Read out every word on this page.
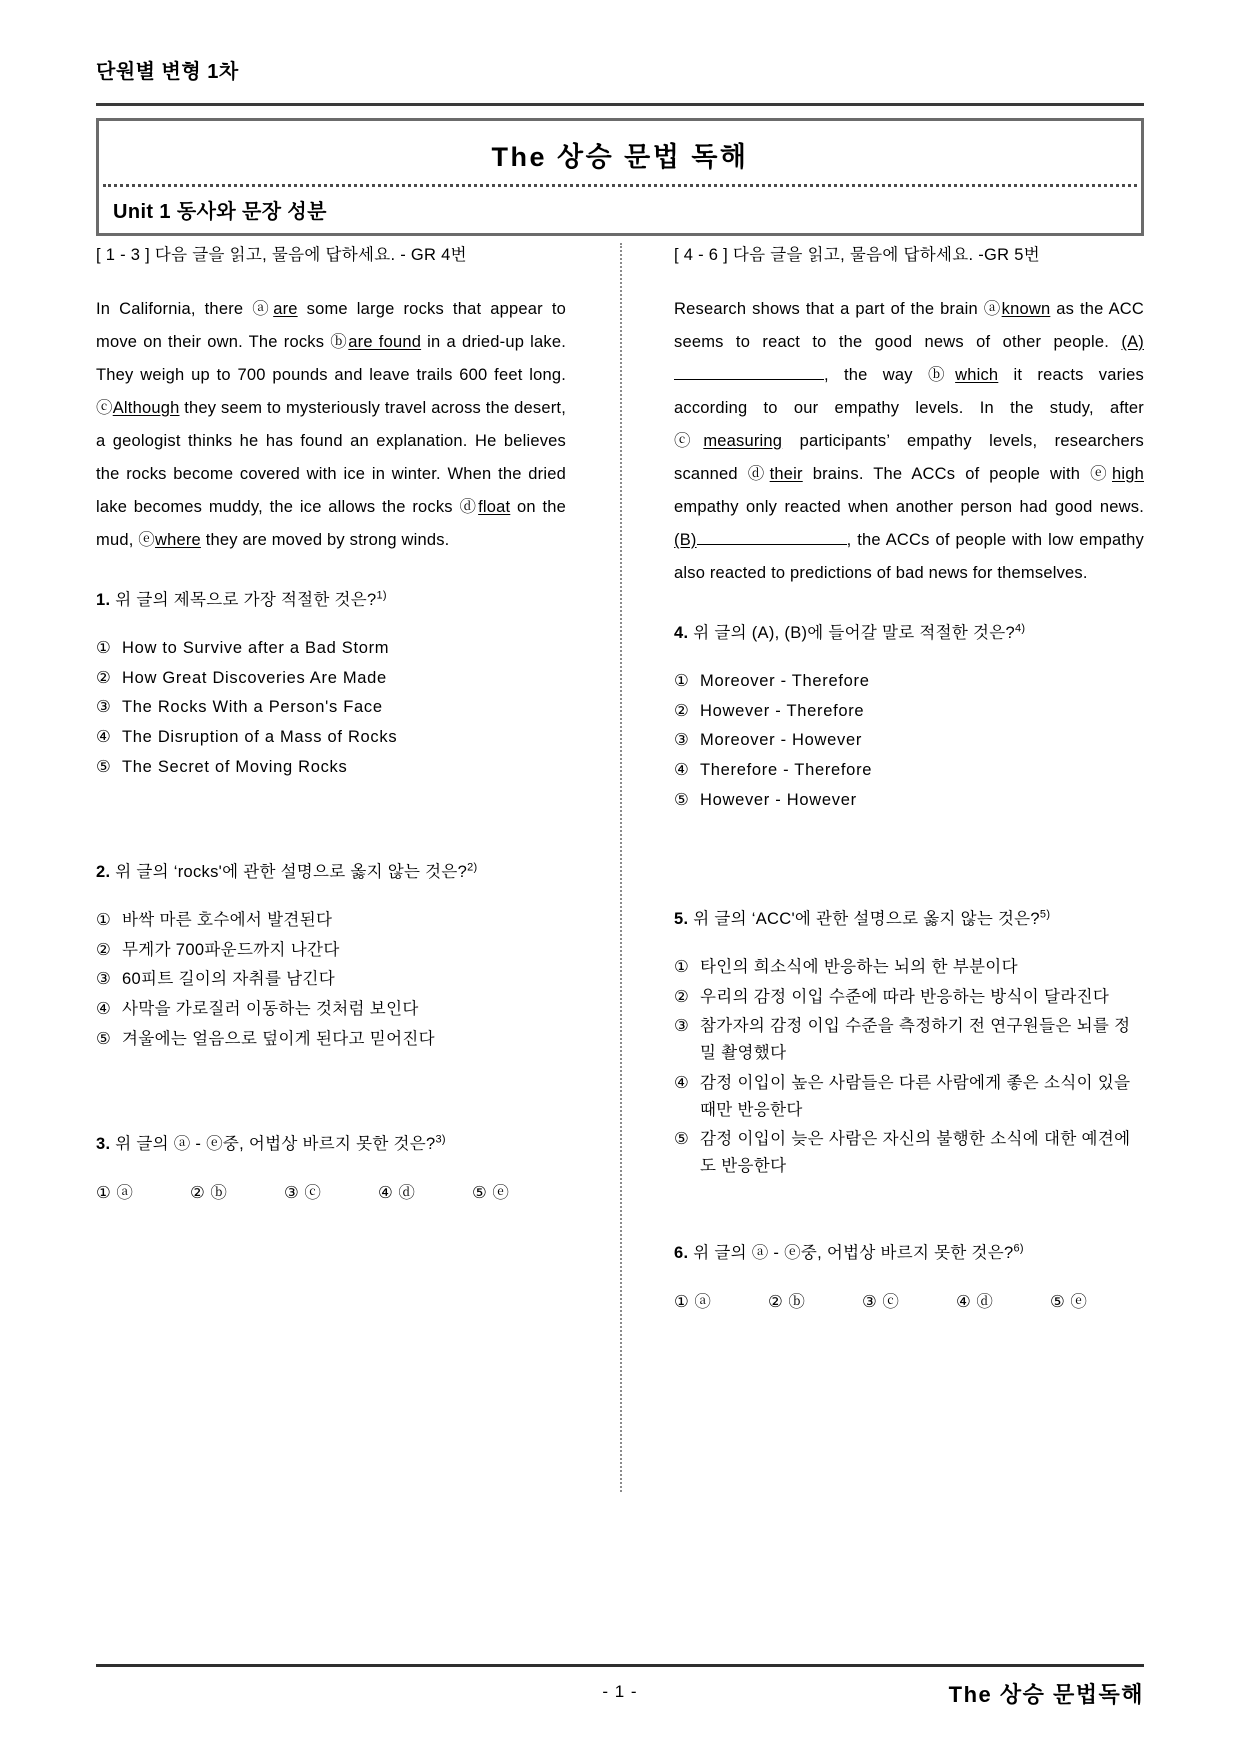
단원별 변형 1차
The 상승 문법 독해
Unit 1 동사와 문장 성분

[ 1 - 3 ] 다음 글을 읽고, 물음에 답하세요. - GR 4번

In California, there ⓐare some large rocks that appear to move on their own. The rocks ⓑare found in a dried-up lake. They weigh up to 700 pounds and leave trails 600 feet long. ⓒAlthough they seem to mysteriously travel across the desert, a geologist thinks he has found an explanation. He believes the rocks become covered with ice in winter. When the dried lake becomes muddy, the ice allows the rocks ⓓfloat on the mud, ⓔwhere they are moved by strong winds.

1. 위 글의 제목으로 가장 적절한 것은?$^{1)}$

① How to Survive after a Bad Storm
② How Great Discoveries Are Made
③ The Rocks With a Person's Face
④ The Disruption of a Mass of Rocks
⑤ The Secret of Moving Rocks

2. 위 글의 ‘rocks'에 관한 설명으로 옳지 않는 것은?$^{2)}$

① 바싹 마른 호수에서 발견된다
② 무게가 700파운드까지 나간다
③ 60피트 길이의 자취를 남긴다
④ 사막을 가로질러 이동하는 것처럼 보인다
⑤ 겨울에는 얼음으로 덮이게 된다고 믿어진다

3. 위 글의 ⓐ - ⓔ중, 어법상 바르지 못한 것은?$^{3)}$

① ⓐ	② ⓑ	③ ⓒ	④ ⓓ	⑤ ⓔ

[ 4 - 6 ] 다음 글을 읽고, 물음에 답하세요. -GR 5번

Research shows that a part of the brain ⓐknown as the ACC seems to react to the good news of other people. (A), the way ⓑwhich it reacts varies according to our empathy levels. In the study, after ⓒmeasuring participants’ empathy levels, researchers scanned ⓓtheir brains. The ACCs of people with ⓔhigh empathy only reacted when another person had good news. (B)	, the ACCs of people with low empathy also reacted to predictions of bad news for themselves.

4. 위 글의 (A), (B)에 들어갈 말로 적절한 것은?$^{4)}$

① Moreover - Therefore
② However - Therefore
③ Moreover - However
④ Therefore - Therefore
⑤ However - However

5. 위 글의 ‘ACC'에 관한 설명으로 옳지 않는 것은?$^{5)}$

① 타인의 희소식에 반응하는 뇌의 한 부분이다
② 우리의 감정 이입 수준에 따라 반응하는 방식이 달라진다
③ 참가자의 감정 이입 수준을 측정하기 전 연구원들은 뇌를 정밀 촬영했다
④ 감정 이입이 높은 사람들은 다른 사람에게 좋은 소식이 있을 때만 반응한다
⑤ 감정 이입이 늦은 사람은 자신의 불행한 소식에 대한 예견에도 반응한다

6. 위 글의 ⓐ - ⓔ중, 어법상 바르지 못한 것은?$^{6)}$

① ⓐ	② ⓑ	③ ⓒ	④ ⓓ	⑤ ⓔ
- 1 -	The 상승 문법독해
